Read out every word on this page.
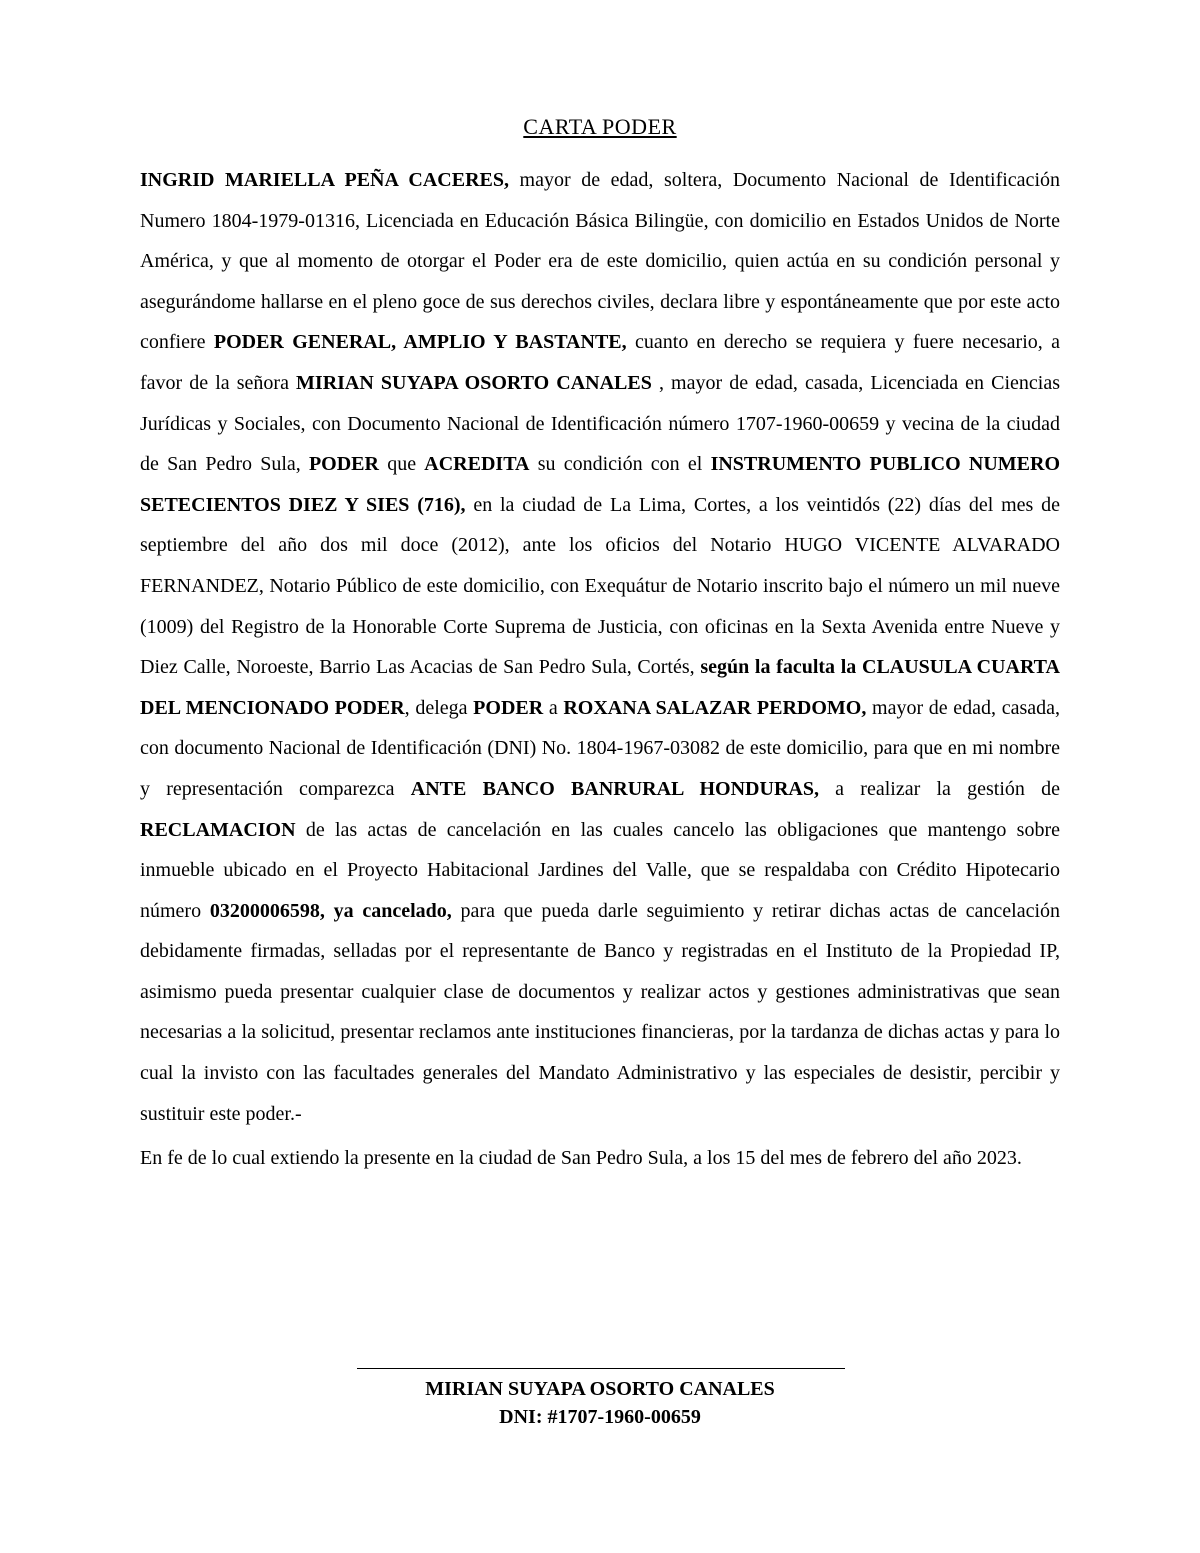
CARTA PODER

INGRID MARIELLA PEÑA CACERES, mayor de edad, soltera, Documento Nacional de Identificación Numero 1804-1979-01316, Licenciada en Educación Básica Bilingüe, con domicilio en Estados Unidos de Norte América, y que al momento de otorgar el Poder era de este domicilio, quien actúa en su condición personal y asegurándome hallarse en el pleno goce de sus derechos civiles, declara libre y espontáneamente que por este acto confiere PODER GENERAL, AMPLIO Y BASTANTE, cuanto en derecho se requiera y fuere necesario, a favor de la señora MIRIAN SUYAPA OSORTO CANALES , mayor de edad, casada, Licenciada en Ciencias Jurídicas y Sociales, con Documento Nacional de Identificación número 1707-1960-00659 y vecina de la ciudad de San Pedro Sula, PODER que ACREDITA su condición con el INSTRUMENTO PUBLICO NUMERO SETECIENTOS DIEZ Y SIES (716), en la ciudad de La Lima, Cortes, a los veintidós (22) días del mes de septiembre del año dos mil doce (2012), ante los oficios del Notario HUGO VICENTE ALVARADO FERNANDEZ, Notario Público de este domicilio, con Exequátur de Notario inscrito bajo el número un mil nueve (1009) del Registro de la Honorable Corte Suprema de Justicia, con oficinas en la Sexta Avenida entre Nueve y Diez Calle, Noroeste, Barrio Las Acacias de San Pedro Sula, Cortés, según la faculta la CLAUSULA CUARTA DEL MENCIONADO PODER, delega PODER a ROXANA SALAZAR PERDOMO, mayor de edad, casada, con documento Nacional de Identificación (DNI) No. 1804-1967-03082 de este domicilio, para que en mi nombre y representación comparezca ANTE BANCO BANRURAL HONDURAS, a realizar la gestión de RECLAMACION de las actas de cancelación en las cuales cancelo las obligaciones que mantengo sobre inmueble ubicado en el Proyecto Habitacional Jardines del Valle, que se respaldaba con Crédito Hipotecario número 03200006598, ya cancelado, para que pueda darle seguimiento y retirar dichas actas de cancelación debidamente firmadas, selladas por el representante de Banco y registradas en el Instituto de la Propiedad IP, asimismo pueda presentar cualquier clase de documentos y realizar actos y gestiones administrativas que sean necesarias a la solicitud, presentar reclamos ante instituciones financieras, por la tardanza de dichas actas y para lo cual la invisto con las facultades generales del Mandato Administrativo y las especiales de desistir, percibir y sustituir este poder.-

En fe de lo cual extiendo la presente en la ciudad de San Pedro Sula, a los 15 del mes de febrero del año 2023.

MIRIAN SUYAPA OSORTO CANALES
DNI: #1707-1960-00659
